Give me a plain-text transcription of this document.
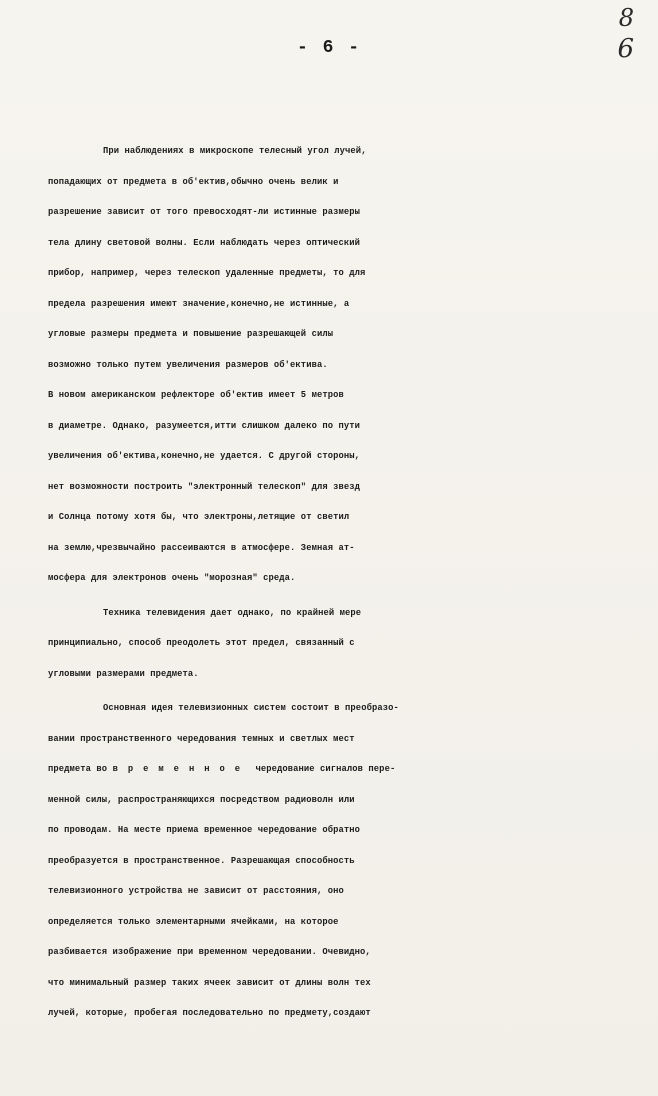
- 6 -
8
6
При наблюдениях в микроскопе телесный угол лучей,
попадающих от предмета в об'ектив,обычно очень велик и
разрешение зависит от того превосходят-ли истинные размеры
тела длину световой волны. Если наблюдать через оптический
прибор, например, через телескоп удаленные предметы, то для
предела разрешения имеют значение,конечно,не истинные, а
угловые размеры предмета и повышение разрешающей силы
возможно только путем увеличения размеров об'ектива.
В новом американском рефлекторе об'ектив имеет 5 метров
в диаметре. Однако, разумеется,итти слишком далеко по пути
увеличения об'ектива,конечно,не удается. С другой стороны,
нет возможности построить "электронный телескоп" для звезд
и Солнца потому хотя бы, что электроны,летящие от светил
на землю,чрезвычайно рассеиваются в атмосфере. Земная ат-
мосфера для электронов очень "морозная" среда.
Техника телевидения дает однако, по крайней мере
принципиально, способ преодолеть этот предел, связанный с
угловыми размерами предмета.
Основная идея телевизионных систем состоит в преобразо-
вании пространственного чередования темных и светлых мест
предмета во временное чередование сигналов пере-
менной силы, распространяющихся посредством радиоволн или
по проводам. На месте приема временное чередование обратно
преобразуется в пространственное. Разрешающая способность
телевизионного устройства не зависит от расстояния, оно
определяется только элементарными ячейками, на которое
разбивается изображение при временном чередовании. Очевидно,
что минимальный размер таких ячеек зависит от длины волн тех
лучей, которые, пробегая последовательно по предмету,создают
